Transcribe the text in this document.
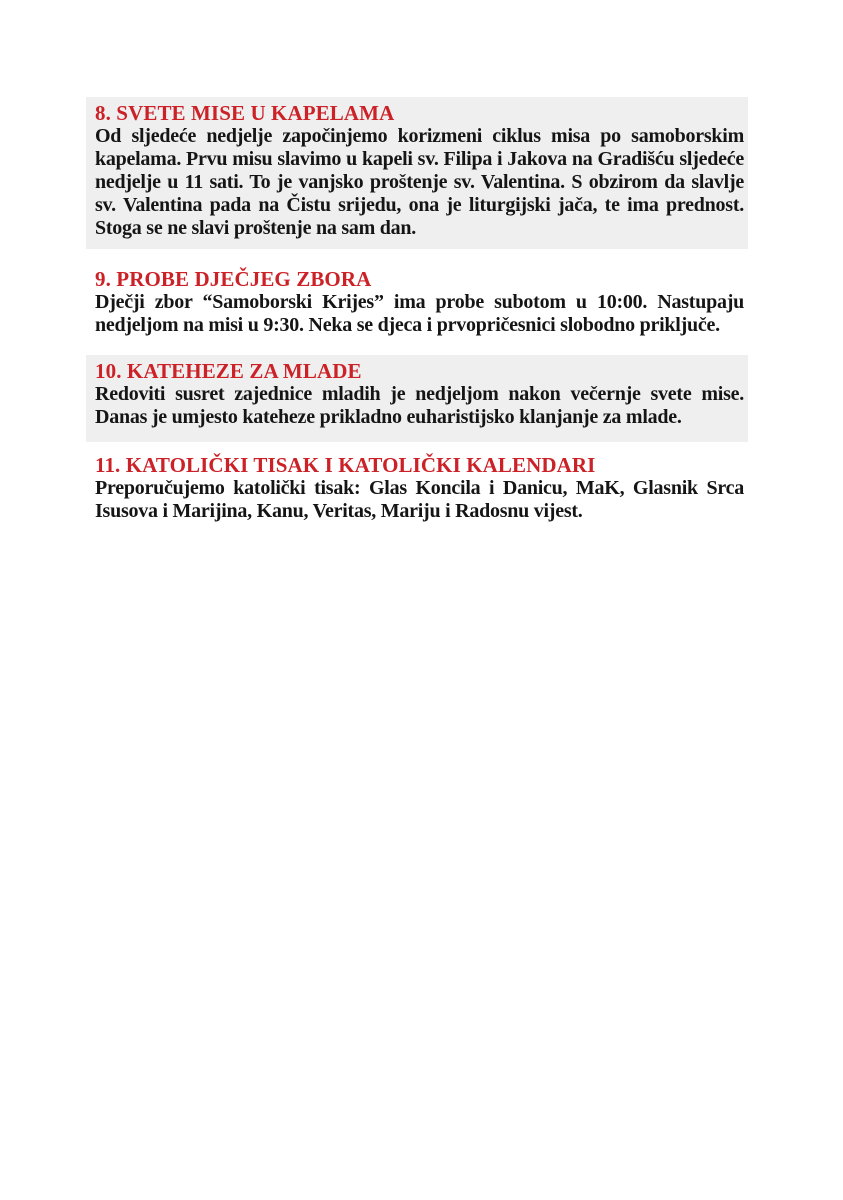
8. SVETE MISE U KAPELAMA
Od sljedeće nedjelje započinjemo korizmeni ciklus misa po samoborskim kapelama. Prvu misu slavimo u kapeli sv. Filipa i Jakova na Gradišću sljedeće nedjelje u 11 sati. To je vanjsko proštenje sv. Valentina. S obzirom da slavlje sv. Valentina pada na Čistu srijedu, ona je liturgijski jača, te ima prednost. Stoga se ne slavi proštenje na sam dan.
9. PROBE DJEČJEG ZBORA
Dječji zbor “Samoborski Krijes” ima probe subotom u 10:00. Nastupaju nedjeljom na misi u 9:30. Neka se djeca i prvopričesnici slobodno priključe.
10. KATEHEZE ZA MLADE
Redoviti susret zajednice mladih je nedjeljom nakon večernje svete mise. Danas je umjesto kateheze prikladno euharistijsko klanjanje za mlade.
11. KATOLIČKI TISAK I KATOLIČKI KALENDARI
Preporučujemo katolički tisak: Glas Koncila i Danicu, MaK, Glasnik Srca Isusova i Marijina, Kanu, Veritas, Mariju i Radosnu vijest.
